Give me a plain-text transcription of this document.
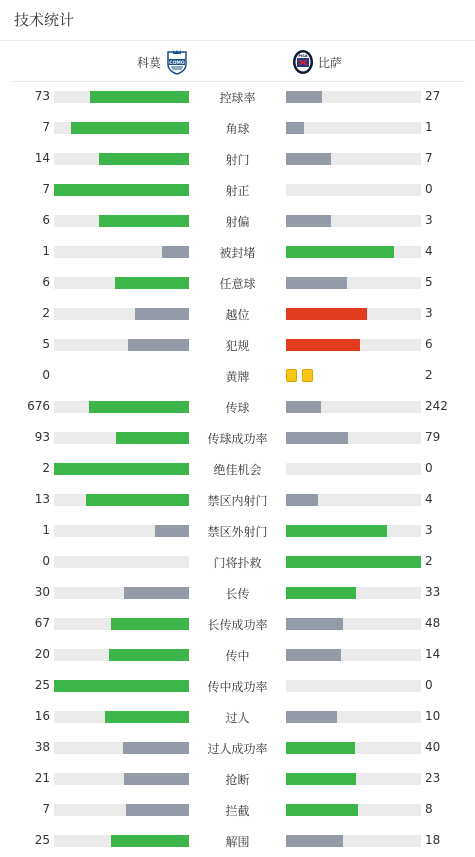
技术统计
科莫 COMO
PISA 比萨
73	控球率	27
7	角球	1
14	射门	7
7	射正	0
6	射偏	3
1	被封堵	4
6	任意球	5
2	越位	3
5	犯规	6
0	黄牌	2
676	传球	242
93	传球成功率	79
2	绝佳机会	0
13	禁区内射门	4
1	禁区外射门	3
0	门将扑救	2
30	长传	33
67	长传成功率	48
20	传中	14
25	传中成功率	0
16	过人	10
38	过人成功率	40
21	抢断	23
7	拦截	8
25	解围	18
